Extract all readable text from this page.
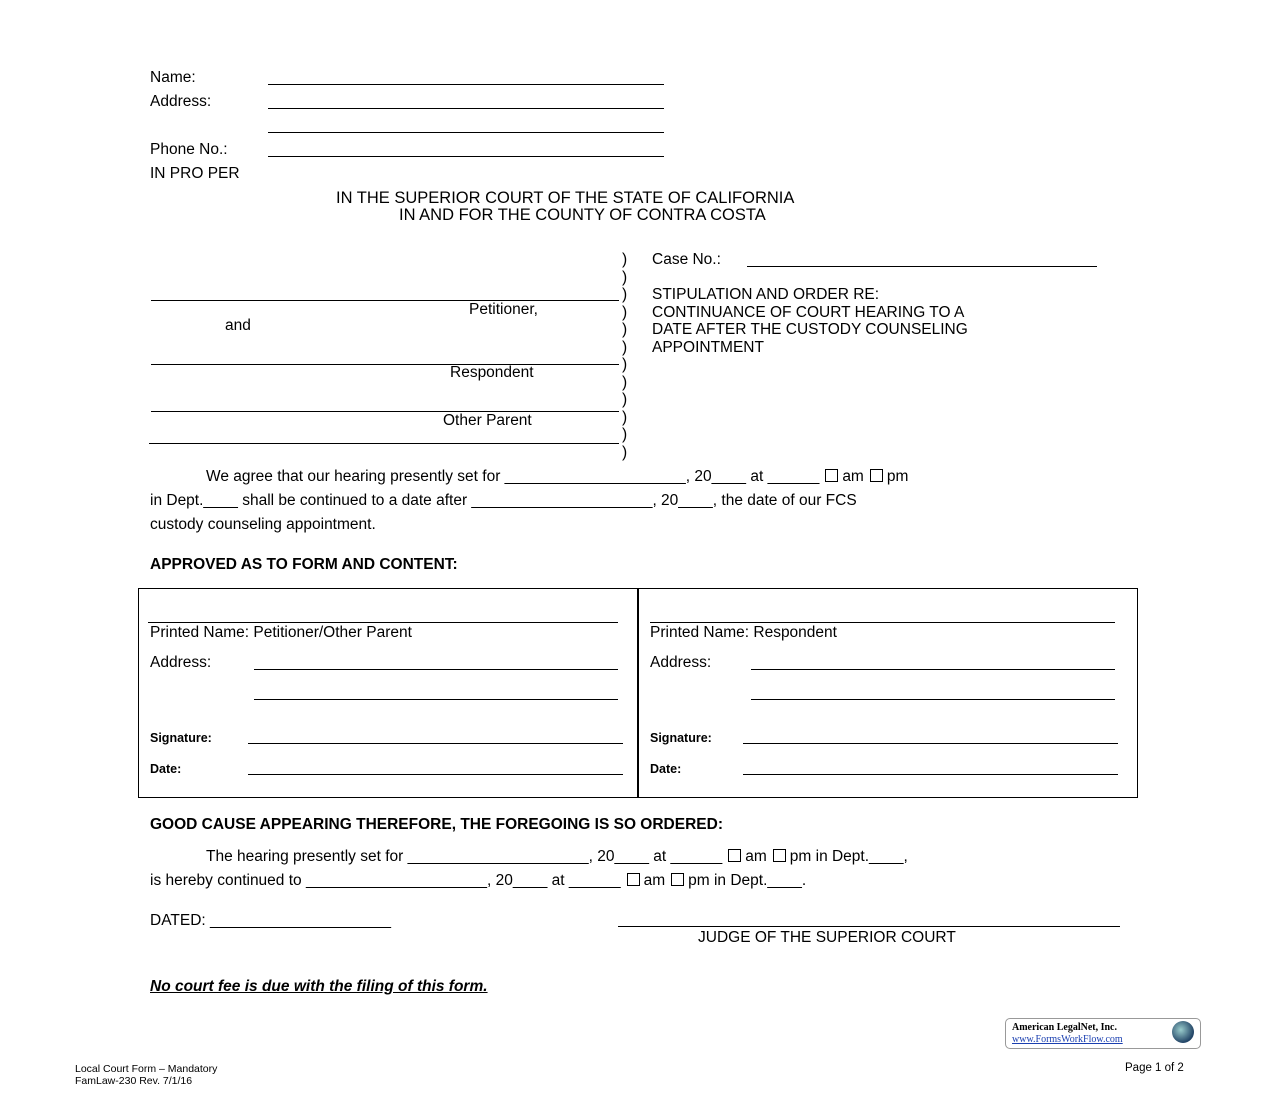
Name:
Address:
Phone No.:
IN PRO PER
IN THE SUPERIOR COURT OF THE STATE OF CALIFORNIA
IN AND FOR THE COUNTY OF CONTRA COSTA
Petitioner,
and
Respondent
Other Parent
)
)
)
)
)
)
)
)
)
)
)
)
Case No.:
STIPULATION AND ORDER RE:
CONTINUANCE OF COURT HEARING TO A
DATE AFTER THE CUSTODY COUNSELING
APPOINTMENT
We agree that our hearing presently set for _____________________, 20____ at ______ am pm
in Dept.____ shall be continued to a date after _____________________, 20____, the date of our FCS
custody counseling appointment.
APPROVED AS TO FORM AND CONTENT:
Printed Name: Petitioner/Other Parent
Address:
Signature:
Date:
Printed Name: Respondent
Address:
Signature:
Date:
GOOD CAUSE APPEARING THEREFORE, THE FOREGOING IS SO ORDERED:
The hearing presently set for _____________________, 20____ at ______ am pm in Dept.____,
is hereby continued to _____________________, 20____ at ______ am pm in Dept.____.
DATED: _____________________
JUDGE OF THE SUPERIOR COURT
No court fee is due with the filing of this form.
American LegalNet, Inc.
www.FormsWorkFlow.com
Local Court Form – Mandatory
FamLaw-230 Rev. 7/1/16
Page 1 of 2
